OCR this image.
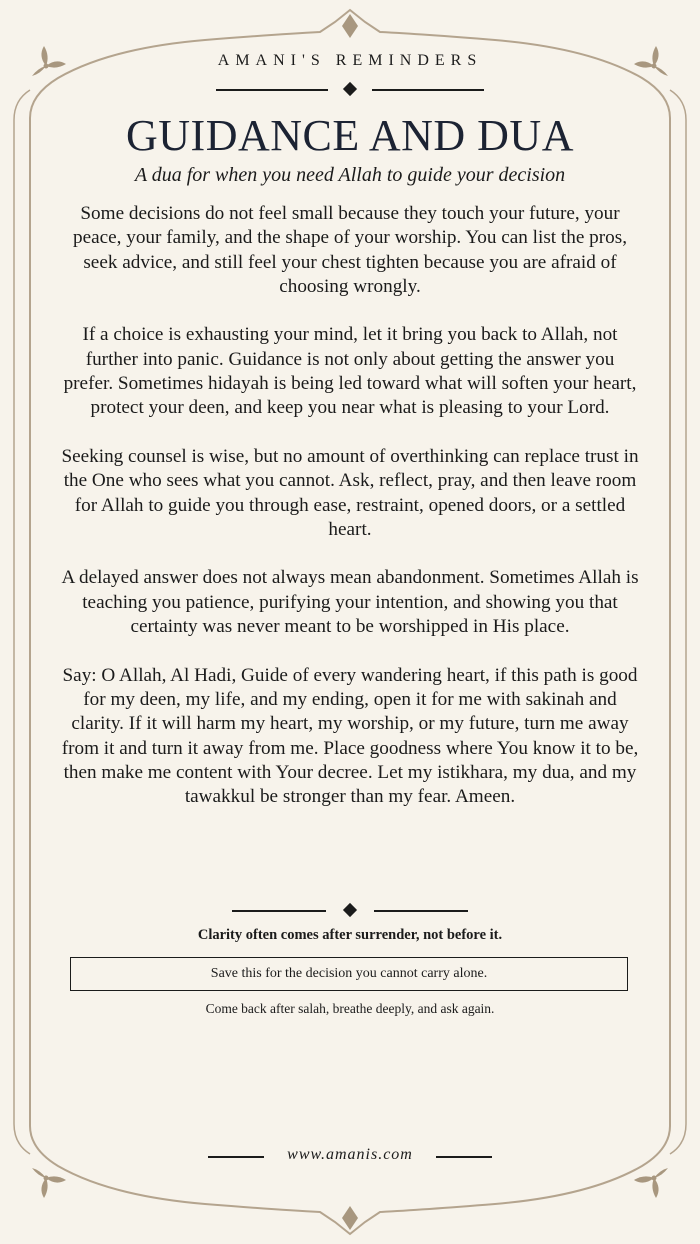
AMANI'S REMINDERS
GUIDANCE AND DUA
A dua for when you need Allah to guide your decision

Some decisions do not feel small because they touch your future, your peace, your family, and the shape of your worship. You can list the pros, seek advice, and still feel your chest tighten because you are afraid of choosing wrongly.

If a choice is exhausting your mind, let it bring you back to Allah, not further into panic. Guidance is not only about getting the answer you prefer. Sometimes hidayah is being led toward what will soften your heart, protect your deen, and keep you near what is pleasing to your Lord.

Seeking counsel is wise, but no amount of overthinking can replace trust in the One who sees what you cannot. Ask, reflect, pray, and then leave room for Allah to guide you through ease, restraint, opened doors, or a settled heart.

A delayed answer does not always mean abandonment. Sometimes Allah is teaching you patience, purifying your intention, and showing you that certainty was never meant to be worshipped in His place.

Say: O Allah, Al Hadi, Guide of every wandering heart, if this path is good for my deen, my life, and my ending, open it for me with sakinah and clarity. If it will harm my heart, my worship, or my future, turn me away from it and turn it away from me. Place goodness where You know it to be, then make me content with Your decree. Let my istikhara, my dua, and my tawakkul be stronger than my fear. Ameen.

Clarity often comes after surrender, not before it.
Save this for the decision you cannot carry alone.
Come back after salah, breathe deeply, and ask again.
www.amanis.com
